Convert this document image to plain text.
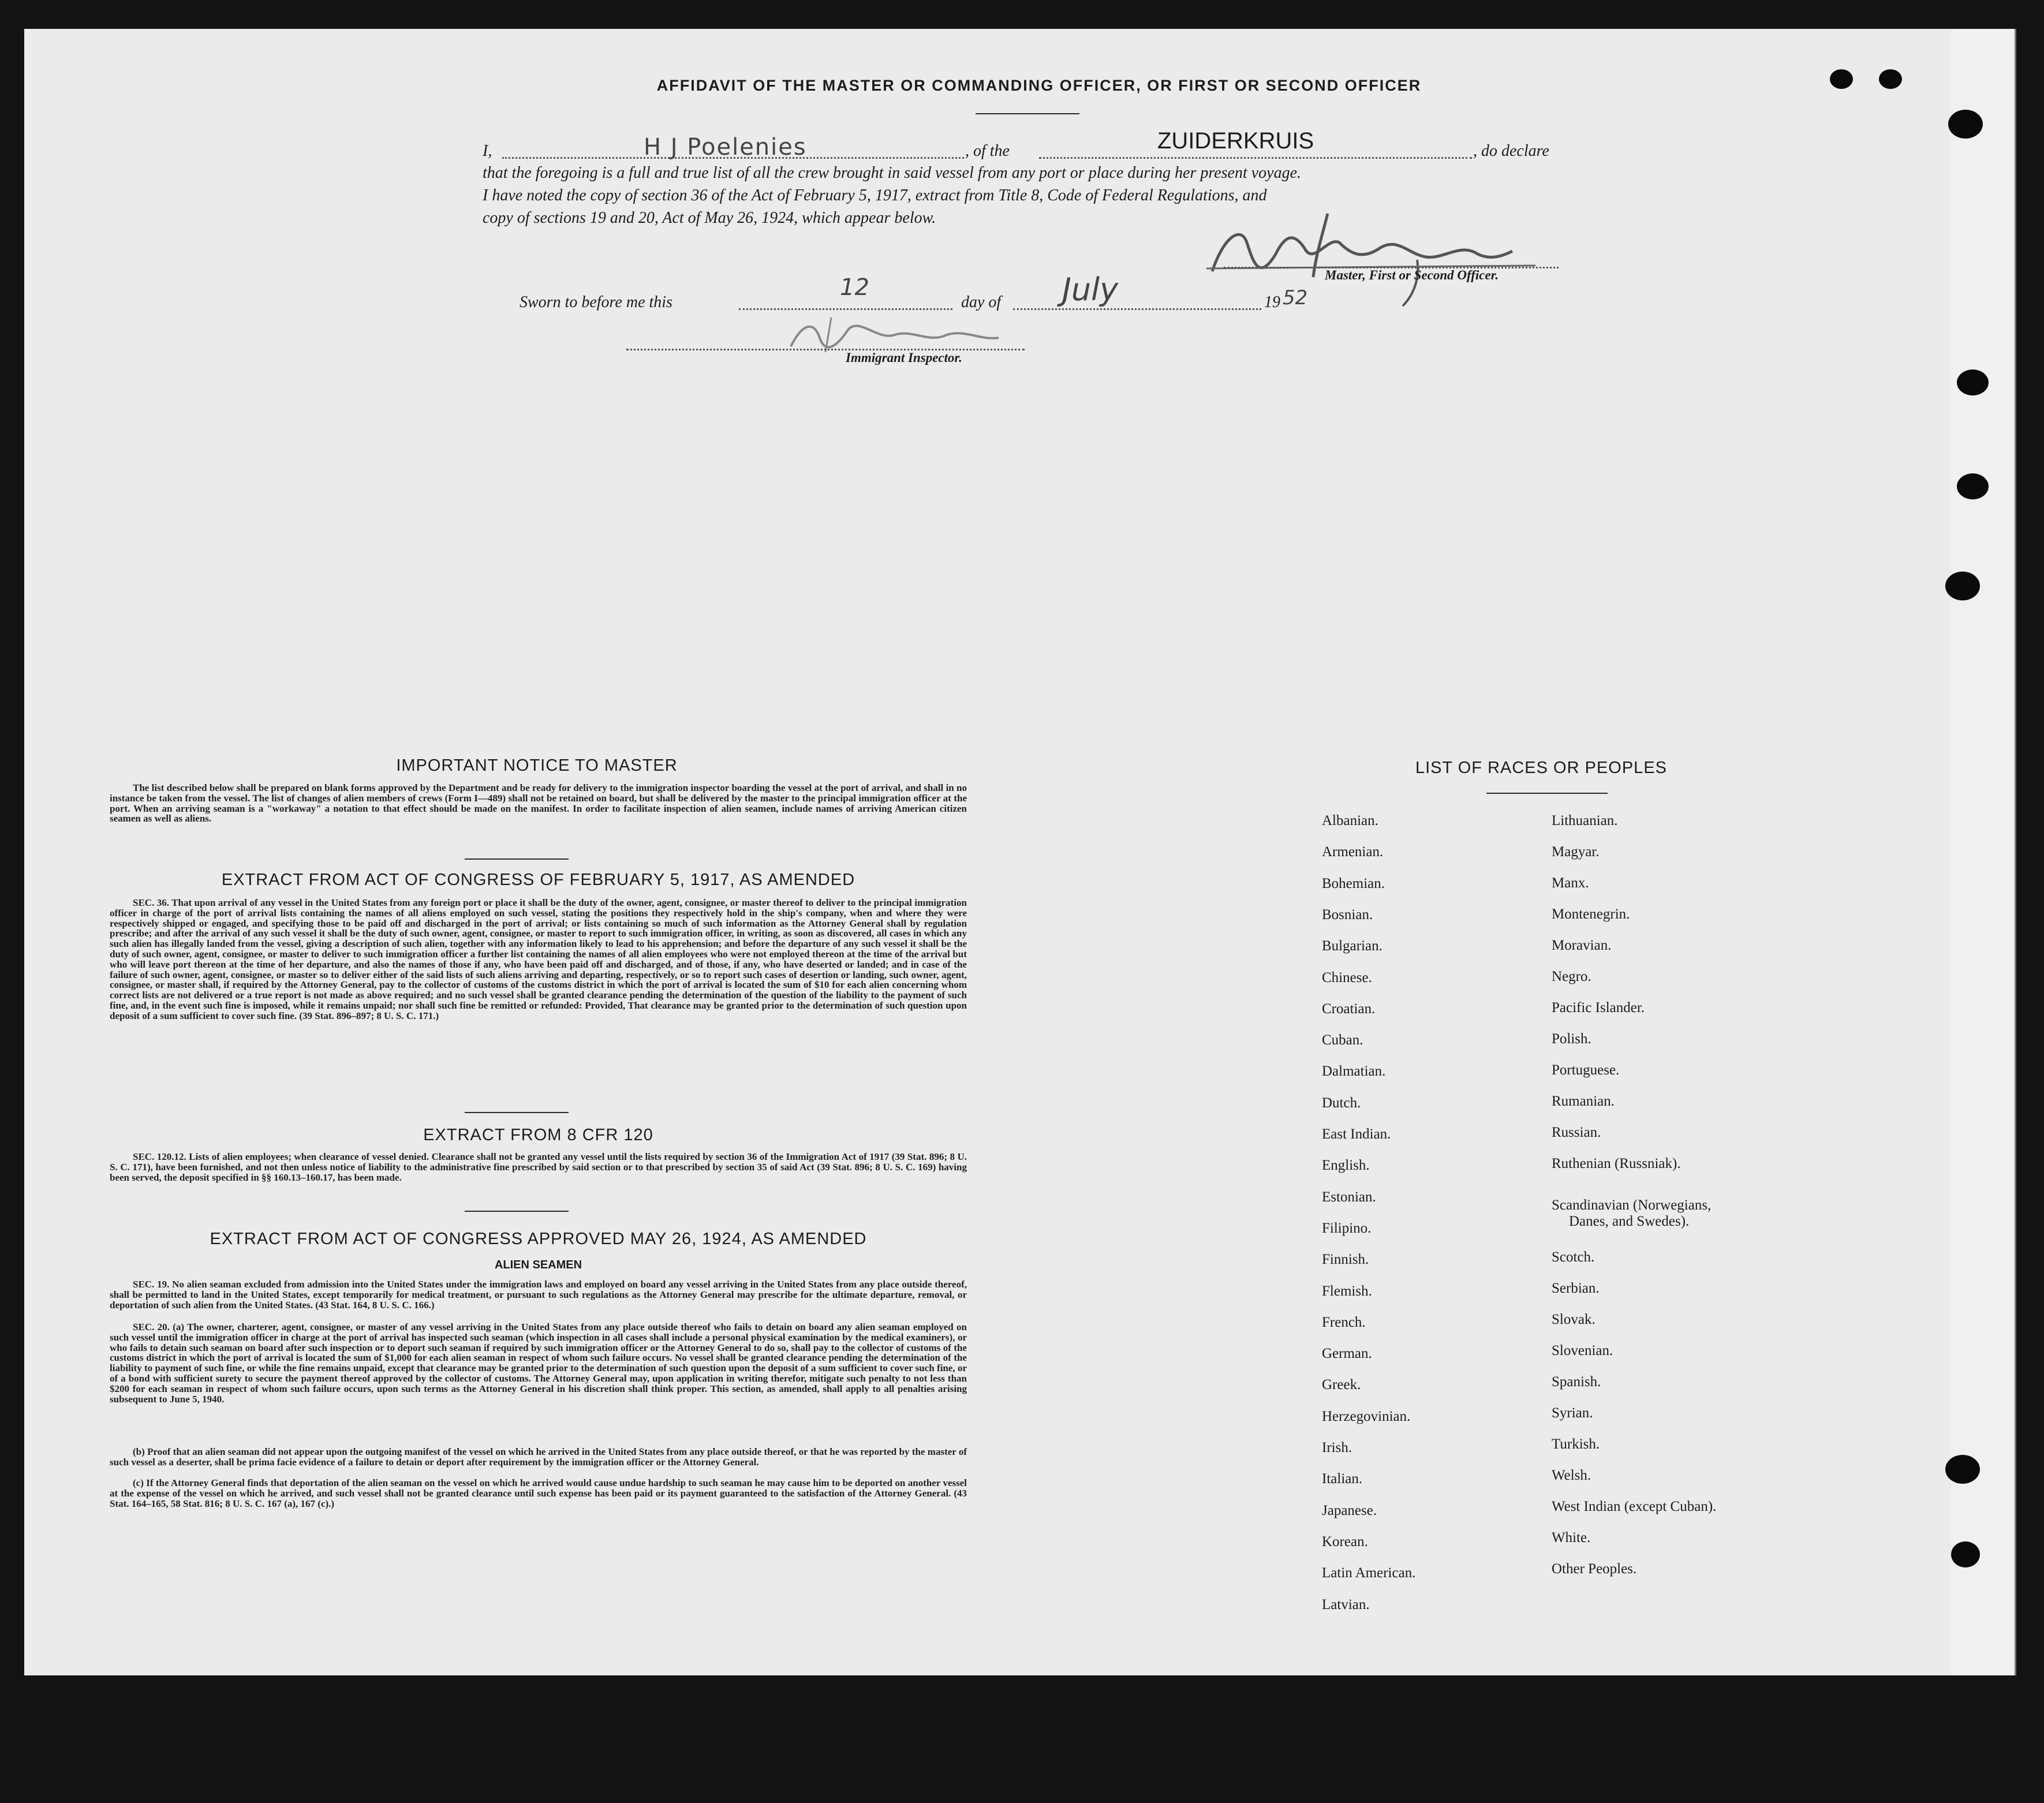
AFFIDAVIT OF THE MASTER OR COMMANDING OFFICER, OR FIRST OR SECOND OFFICER
I,	H J Poelenies	, of the	ZUIDERKRUIS	, do declare
that the foregoing is a full and true list of all the crew brought in said vessel from any port or place during her present voyage.
I have noted the copy of section 36 of the Act of February 5, 1917, extract from Title 8, Code of Federal Regulations, and
copy of sections 19 and 20, Act of May 26, 1924, which appear below.
Master, First or Second Officer.
Sworn to before me this
12
day of July	19 52
Immigrant Inspector.
IMPORTANT NOTICE TO MASTER
The list described below shall be prepared on blank forms approved by the Department and be ready for delivery to the immigration inspector boarding the vessel at the port of arrival, and shall in no instance be taken from the vessel. The list of changes of alien members of crews (Form I—489) shall not be retained on board, but shall be delivered by the master to the principal immigration officer at the port. When an arriving seaman is a "workaway" a notation to that effect should be made on the manifest. In order to facilitate inspection of alien seamen, include names of arriving American citizen seamen as well as aliens.
EXTRACT FROM ACT OF CONGRESS OF FEBRUARY 5, 1917, AS AMENDED
SEC. 36. That upon arrival of any vessel in the United States from any foreign port or place it shall be the duty of the owner, agent, consignee, or master thereof to deliver to the principal immigration officer in charge of the port of arrival lists containing the names of all aliens employed on such vessel, stating the positions they respectively hold in the ship's company, when and where they were respectively shipped or engaged, and specifying those to be paid off and discharged in the port of arrival; or lists containing so much of such information as the Attorney General shall by regulation prescribe; and after the arrival of any such vessel it shall be the duty of such owner, agent, consignee, or master to report to such immigration officer, in writing, as soon as discovered, all cases in which any such alien has illegally landed from the vessel, giving a description of such alien, together with any information likely to lead to his apprehension; and before the departure of any such vessel it shall be the duty of such owner, agent, consignee, or master to deliver to such immigration officer a further list containing the names of all alien employees who were not employed thereon at the time of the arrival but who will leave port thereon at the time of her departure, and also the names of those if any, who have been paid off and discharged, and of those, if any, who have deserted or landed; and in case of the failure of such owner, agent, consignee, or master so to deliver either of the said lists of such aliens arriving and departing, respectively, or so to report such cases of desertion or landing, such owner, agent, consignee, or master shall, if required by the Attorney General, pay to the collector of customs of the customs district in which the port of arrival is located the sum of $10 for each alien concerning whom correct lists are not delivered or a true report is not made as above required; and no such vessel shall be granted clearance pending the determination of the question of the liability to the payment of such fine, and, in the event such fine is imposed, while it remains unpaid; nor shall such fine be remitted or refunded: Provided, That clearance may be granted prior to the determination of such question upon deposit of a sum sufficient to cover such fine. (39 Stat. 896–897; 8 U. S. C. 171.)
EXTRACT FROM 8 CFR 120
SEC. 120.12. Lists of alien employees; when clearance of vessel denied. Clearance shall not be granted any vessel until the lists required by section 36 of the Immigration Act of 1917 (39 Stat. 896; 8 U. S. C. 171), have been furnished, and not then unless notice of liability to the administrative fine prescribed by said section or to that prescribed by section 35 of said Act (39 Stat. 896; 8 U. S. C. 169) having been served, the deposit specified in §§ 160.13–160.17, has been made.
EXTRACT FROM ACT OF CONGRESS APPROVED MAY 26, 1924, AS AMENDED
ALIEN SEAMEN
SEC. 19. No alien seaman excluded from admission into the United States under the immigration laws and employed on board any vessel arriving in the United States from any place outside thereof, shall be permitted to land in the United States, except temporarily for medical treatment, or pursuant to such regulations as the Attorney General may prescribe for the ultimate departure, removal, or deportation of such alien from the United States. (43 Stat. 164, 8 U. S. C. 166.)
SEC. 20. (a) The owner, charterer, agent, consignee, or master of any vessel arriving in the United States from any place outside thereof who fails to detain on board any alien seaman employed on such vessel until the immigration officer in charge at the port of arrival has inspected such seaman (which inspection in all cases shall include a personal physical examination by the medical examiners), or who fails to detain such seaman on board after such inspection or to deport such seaman if required by such immigration officer or the Attorney General to do so, shall pay to the collector of customs of the customs district in which the port of arrival is located the sum of $1,000 for each alien seaman in respect of whom such failure occurs. No vessel shall be granted clearance pending the determination of the liability to payment of such fine, or while the fine remains unpaid, except that clearance may be granted prior to the determination of such question upon the deposit of a sum sufficient to cover such fine, or of a bond with sufficient surety to secure the payment thereof approved by the collector of customs. The Attorney General may, upon application in writing therefor, mitigate such penalty to not less than $200 for each seaman in respect of whom such failure occurs, upon such terms as the Attorney General in his discretion shall think proper. This section, as amended, shall apply to all penalties arising subsequent to June 5, 1940.
(b) Proof that an alien seaman did not appear upon the outgoing manifest of the vessel on which he arrived in the United States from any place outside thereof, or that he was reported by the master of such vessel as a deserter, shall be prima facie evidence of a failure to detain or deport after requirement by the immigration officer or the Attorney General.
(c) If the Attorney General finds that deportation of the alien seaman on the vessel on which he arrived would cause undue hardship to such seaman he may cause him to be deported on another vessel at the expense of the vessel on which he arrived, and such vessel shall not be granted clearance until such expense has been paid or its payment guaranteed to the satisfaction of the Attorney General. (43 Stat. 164–165, 58 Stat. 816; 8 U. S. C. 167 (a), 167 (c).)
LIST OF RACES OR PEOPLES
Albanian.
Armenian.
Bohemian.
Bosnian.
Bulgarian.
Chinese.
Croatian.
Cuban.
Dalmatian.
Dutch.
East Indian.
English.
Estonian.
Filipino.
Finnish.
Flemish.
French.
German.
Greek.
Herzegovinian.
Irish.
Italian.
Japanese.
Korean.
Latin American.
Latvian.
Lithuanian.
Magyar.
Manx.
Montenegrin.
Moravian.
Negro.
Pacific Islander.
Polish.
Portuguese.
Rumanian.
Russian.
Ruthenian (Russniak).
Scandinavian (Norwegians,
Danes, and Swedes).
Scotch.
Serbian.
Slovak.
Slovenian.
Spanish.
Syrian.
Turkish.
Welsh.
West Indian (except Cuban).
White.
Other Peoples.
